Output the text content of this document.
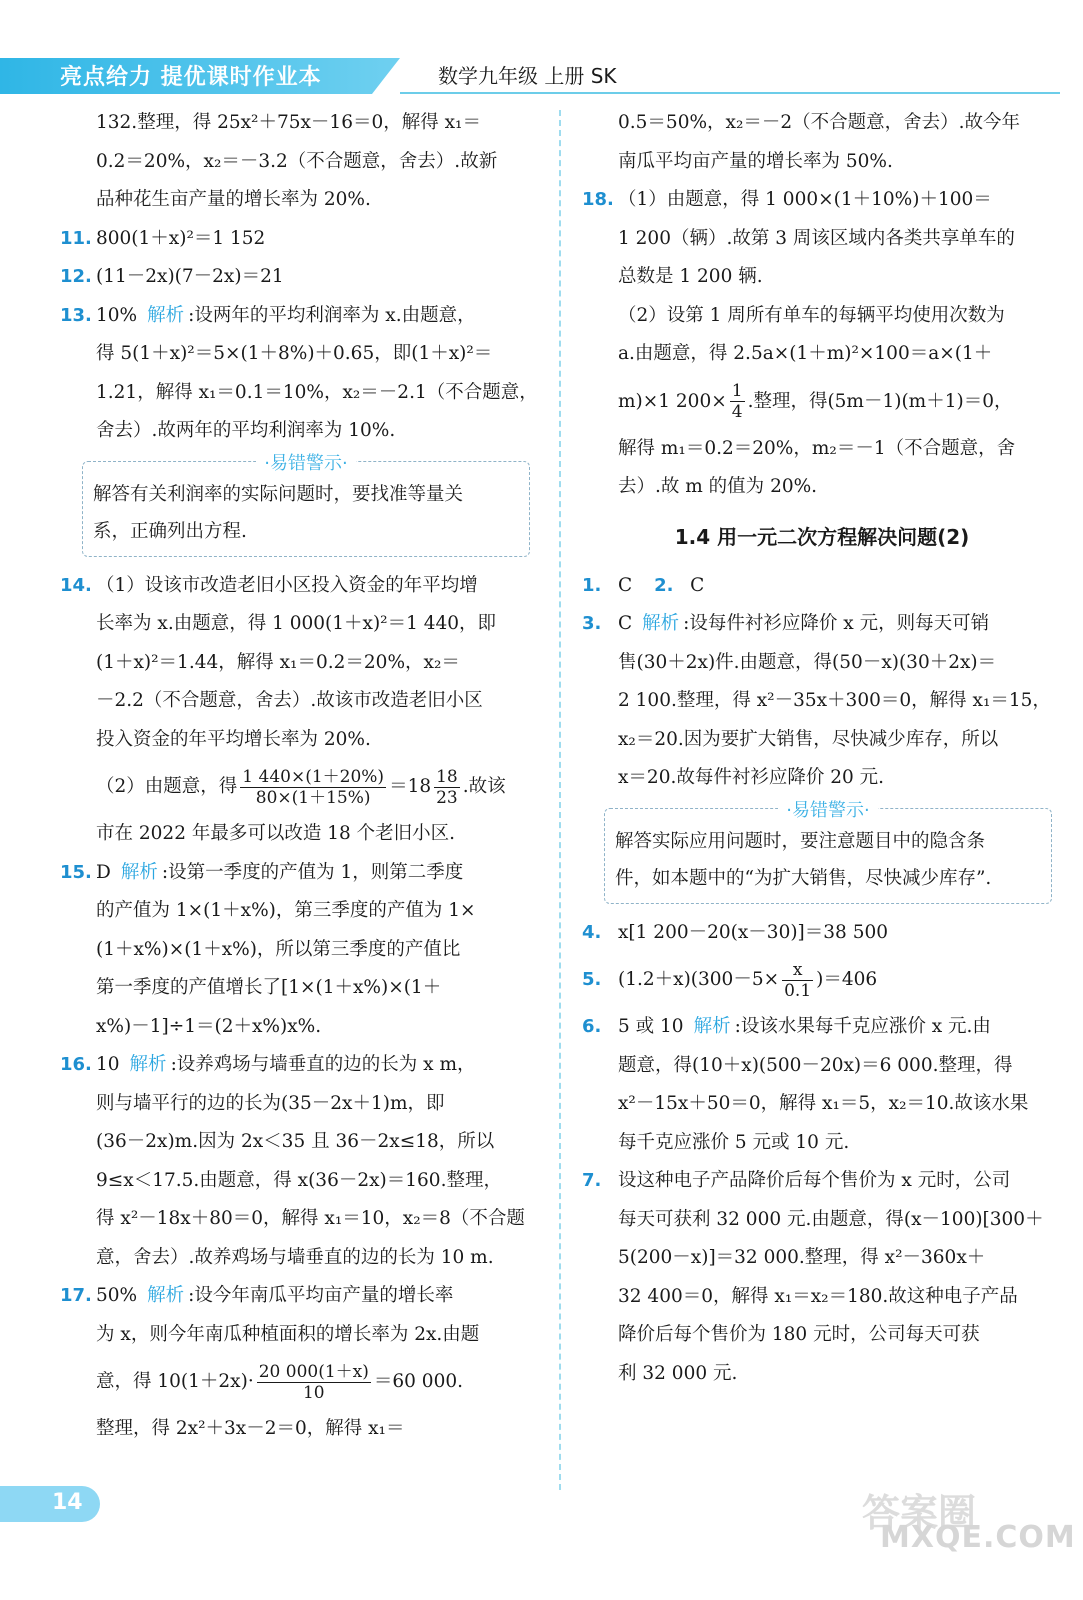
亮点给力 提优课时作业本	数学九年级 上册 SK
132.整理，得 25x²＋75x－16＝0，解得 x₁＝
0.2＝20%，x₂＝－3.2（不合题意，舍去）.故新
品种花生亩产量的增长率为 20%.
11. 800(1＋x)²＝1 152
12. (11－2x)(7－2x)＝21
13. 10% 解析 :设两年的平均利润率为 x.由题意，
得 5(1＋x)²＝5×(1＋8%)＋0.65，即(1＋x)²＝
1.21，解得 x₁＝0.1＝10%，x₂＝－2.1（不合题意，
舍去）.故两年的平均利润率为 10%.
·易错警示·
解答有关利润率的实际问题时，要找准等量关
系，正确列出方程.
14. （1）设该市改造老旧小区投入资金的年平均增
长率为 x.由题意，得 1 000(1＋x)²＝1 440，即
(1＋x)²＝1.44，解得 x₁＝0.2＝20%，x₂＝
－2.2（不合题意，舍去）.故该市改造老旧小区
投入资金的年平均增长率为 20%.
（2）由题意，得 $\frac{1 440\times(1+20\%)}{80\times(1+15\%)} =18 \frac{18}{23}$ .故该
市在 2022 年最多可以改造 18 个老旧小区.
15. D 解析 :设第一季度的产值为 1，则第二季度
的产值为 1×(1＋x%)，第三季度的产值为 1×
(1＋x%)×(1＋x%)，所以第三季度的产值比
第一季度的产值增长了[1×(1＋x%)×(1＋
x%)－1]÷1＝(2＋x%)x%.
16. 10 解析 :设养鸡场与墙垂直的边的长为 x m，
则与墙平行的边的长为(35－2x＋1)m，即
(36－2x)m.因为 2x＜35 且 36－2x≤18，所以
9≤x＜17.5.由题意，得 x(36－2x)＝160.整理，
得 x²－18x＋80＝0，解得 x₁＝10，x₂＝8（不合题
意，舍去）.故养鸡场与墙垂直的边的长为 10 m.
17. 50% 解析 :设今年南瓜平均亩产量的增长率
为 x，则今年南瓜种植面积的增长率为 2x.由题
意，得 $10(1+2x)\cdot \frac{20 000(1+x)}{10} =60$ 000.
整理，得 2x²＋3x－2＝0，解得 x₁＝
0.5＝50%，x₂＝－2（不合题意，舍去）.故今年
南瓜平均亩产量的增长率为 50%.
18. （1）由题意，得 1 000×(1＋10%)＋100＝
1 200（辆）.故第 3 周该区域内各类共享单车的
总数是 1 200 辆.
（2）设第 1 周所有单车的每辆平均使用次数为
a.由题意，得 2.5a×(1＋m)²×100＝a×(1＋
m)×1 $200\times \frac{1}{4}$ .整理，得(5m－1)(m＋1)＝0，
解得 m₁＝0.2＝20%，m₂＝－1（不合题意，舍
去）.故 m 的值为 20%.
1.4 用一元二次方程解决问题(2)
1. C 2. C
3. C 解析 :设每件衬衫应降价 x 元，则每天可销
售(30＋2x)件.由题意，得(50－x)(30＋2x)＝
2 100.整理，得 x²－35x＋300＝0，解得 x₁＝15，
x₂＝20.因为要扩大销售，尽快减少库存，所以
x＝20.故每件衬衫应降价 20 元.
·易错警示·
解答实际应用问题时，要注意题目中的隐含条
件，如本题中的“为扩大销售，尽快减少库存”.
4. x[1 200－20(x－30)]＝38 500
5. $(1.2+x)(300-5\times \frac{x}{0.1} )=406$
6. 5 或 10 解析 :设该水果每千克应涨价 x 元.由
题意，得(10＋x)(500－20x)＝6 000.整理，得
x²－15x＋50＝0，解得 x₁＝5，x₂＝10.故该水果
每千克应涨价 5 元或 10 元.
7. 设这种电子产品降价后每个售价为 x 元时，公司
每天可获利 32 000 元.由题意，得(x－100)[300＋
5(200－x)]＝32 000.整理，得 x²－360x＋
32 400＝0，解得 x₁＝x₂＝180.故这种电子产品
降价后每个售价为 180 元时，公司每天可获
利 32 000 元.
14	答案圈
MXQE.COM
